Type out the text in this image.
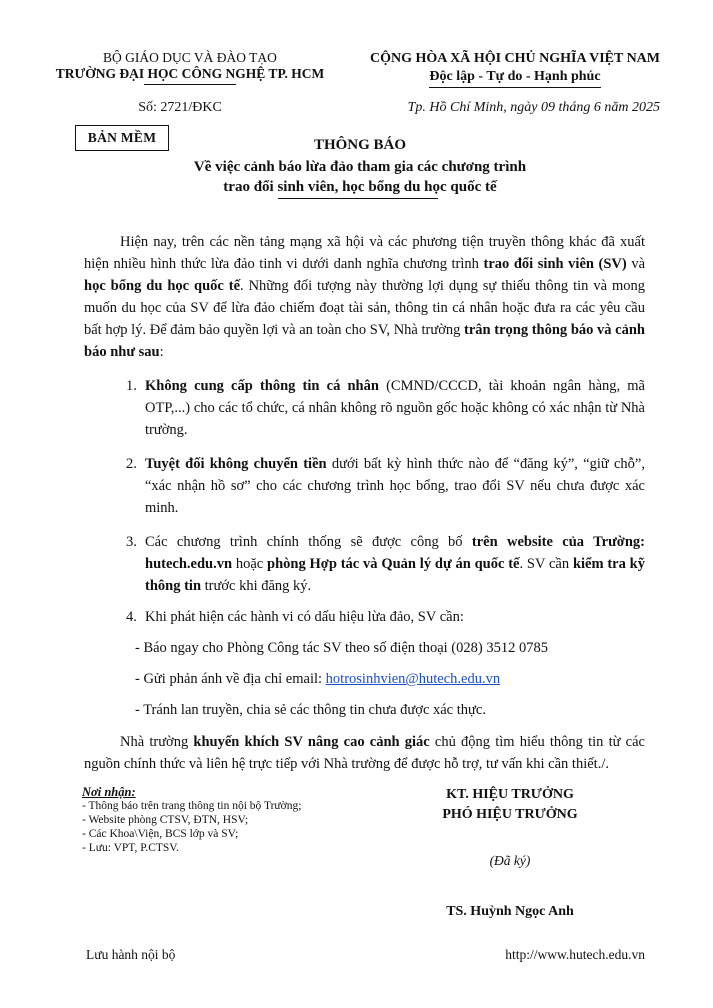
BỘ GIÁO DỤC VÀ ĐÀO TẠO
TRƯỜNG ĐẠI HỌC CÔNG NGHỆ TP. HCM
CỘNG HÒA XÃ HỘI CHỦ NGHĨA VIỆT NAM
Độc lập - Tự do - Hạnh phúc
Số: 2721/ĐKC	Tp. Hồ Chí Minh, ngày 09 tháng 6 năm 2025
BẢN MỀM	THÔNG BÁO
Về việc cảnh báo lừa đảo tham gia các chương trình
trao đổi sinh viên, học bổng du học quốc tế
Hiện nay, trên các nền tảng mạng xã hội và các phương tiện truyền thông khác đã xuất hiện nhiều hình thức lừa đảo tinh vi dưới danh nghĩa chương trình trao đổi sinh viên (SV) và học bổng du học quốc tế. Những đối tượng này thường lợi dụng sự thiếu thông tin và mong muốn du học của SV để lừa đảo chiếm đoạt tài sản, thông tin cá nhân hoặc đưa ra các yêu cầu bất hợp lý. Để đảm bảo quyền lợi và an toàn cho SV, Nhà trường trân trọng thông báo và cảnh báo như sau:
1. Không cung cấp thông tin cá nhân (CMND/CCCD, tài khoản ngân hàng, mã OTP,...) cho các tổ chức, cá nhân không rõ nguồn gốc hoặc không có xác nhận từ Nhà trường.
2. Tuyệt đối không chuyển tiền dưới bất kỳ hình thức nào để “đăng ký”, “giữ chỗ”, “xác nhận hồ sơ” cho các chương trình học bổng, trao đổi SV nếu chưa được xác minh.
3. Các chương trình chính thống sẽ được công bố trên website của Trường: hutech.edu.vn hoặc phòng Hợp tác và Quản lý dự án quốc tế. SV cần kiểm tra kỹ thông tin trước khi đăng ký.
4. Khi phát hiện các hành vi có dấu hiệu lừa đảo, SV cần:
- Báo ngay cho Phòng Công tác SV theo số điện thoại (028) 3512 0785
- Gửi phản ánh về địa chỉ email: hotrosinhvien@hutech.edu.vn
- Tránh lan truyền, chia sẻ các thông tin chưa được xác thực.
Nhà trường khuyến khích SV nâng cao cảnh giác chủ động tìm hiểu thông tin từ các nguồn chính thức và liên hệ trực tiếp với Nhà trường để được hỗ trợ, tư vấn khi cần thiết./.
Nơi nhận:
- Thông báo trên trang thông tin nội bộ Trường;
- Website phòng CTSV, ĐTN, HSV;
- Các Khoa\Viện, BCS lớp và SV;
- Lưu: VPT, P.CTSV.
KT. HIỆU TRƯỞNG
PHÓ HIỆU TRƯỞNG
(Đã ký)
TS. Huỳnh Ngọc Anh
Lưu hành nội bộ	http://www.hutech.edu.vn
